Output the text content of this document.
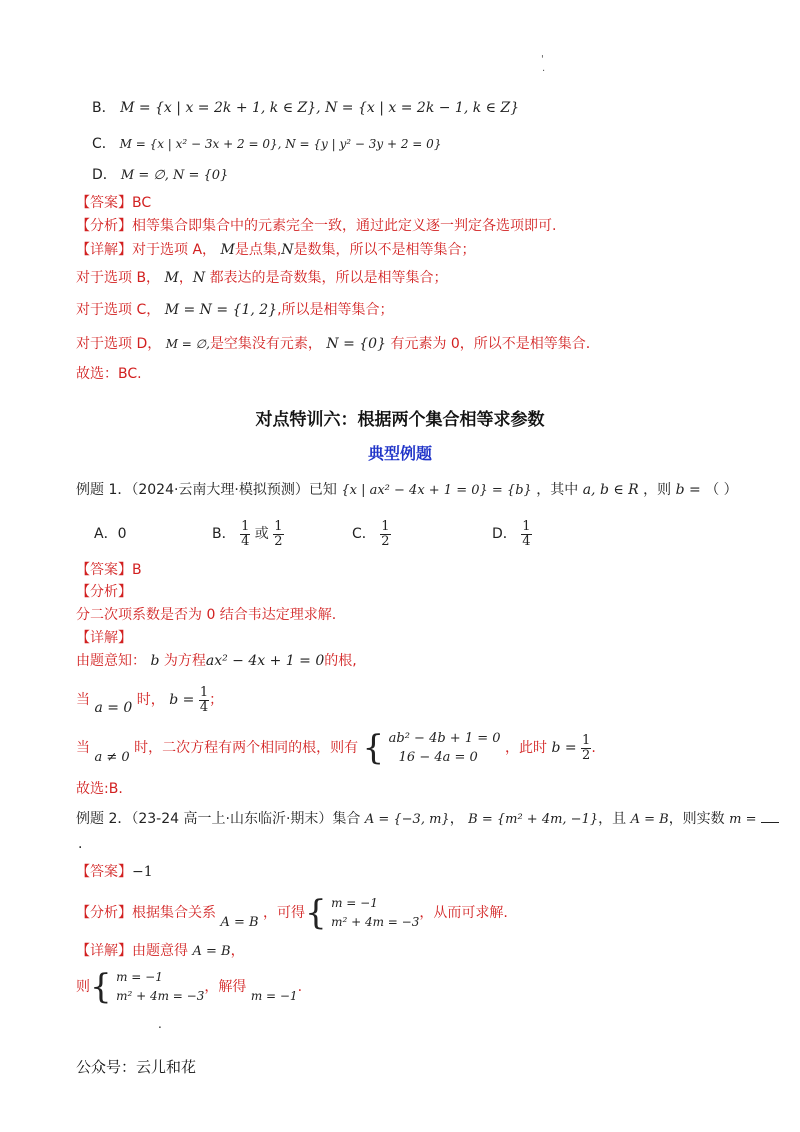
'
·
B． M = {x | x = 2k + 1, k ∈ Z}, N = {x | x = 2k − 1, k ∈ Z}
C． M = {x | x² − 3x + 2 = 0}, N = {y | y² − 3y + 2 = 0}
D． M = ∅, N = {0}
【答案】BC
【分析】相等集合即集合中的元素完全一致，通过此定义逐一判定各选项即可.
【详解】对于选项 A， M是点集,N是数集，所以不是相等集合；
对于选项 B， M，N 都表达的是奇数集，所以是相等集合；
对于选项 C， M = N = {1, 2},所以是相等集合；
对于选项 D， M = ∅,是空集没有元素， N = {0} 有元素为 0，所以不是相等集合.
故选：BC.
对点特训六：根据两个集合相等求参数
典型例题
例题 1．（2024·云南大理·模拟预测）已知 {x | ax² − 4x + 1 = 0} = {b} ，其中 a, b ∈ R ，则 b = （ ）
A．0	B． $\frac{1}{4}$ 或 $\frac{1}{2}$	C． $\frac{1}{2}$	D． $\frac{1}{4}$
【答案】B
【分析】
分二次项系数是否为 0 结合韦达定理求解.
【详解】
由题意知： b 为方程ax² − 4x + 1 = 0的根,
当 a = 0 时， $b = \frac{1}{4}$ ；
当 a ≠ 0 时，二次方程有两个相同的根，则有 { ab² − 4b + 1 = 0
16 − 4a = 0
，此时 $b = \frac{1}{2}$ .
故选:B.
例题 2．（23-24 高一上·山东临沂·期末）集合 A = {−3, m}， B = {m² + 4m, −1}，且 A = B，则实数 m =
.
【答案】−1
【分析】根据集合关系 A = B ，可得{ m = −1
m² + 4m = −3
，从而可求解.
【详解】由题意得 A = B，
则{ m = −1
m² + 4m = −3
，解得 m = −1.
.
公众号：云儿和花
